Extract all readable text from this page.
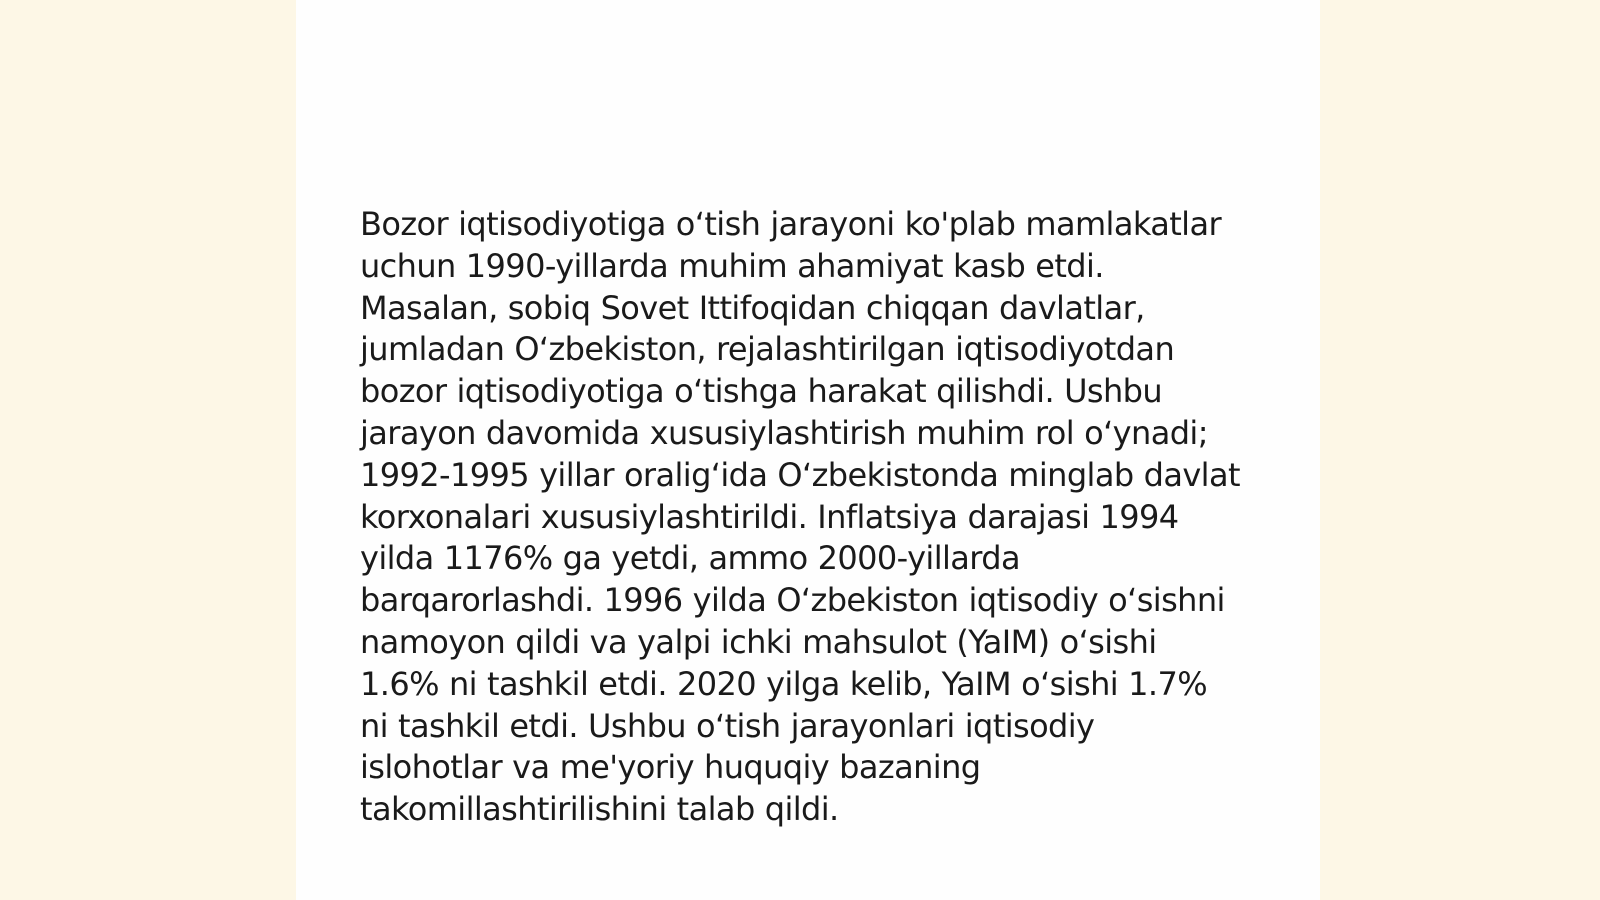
Bozor iqtisodiyotiga o‘tish jarayoni ko'plab mamlakatlar uchun 1990-yillarda muhim ahamiyat kasb etdi. Masalan, sobiq Sovet Ittifoqidan chiqqan davlatlar, jumladan O‘zbekiston, rejalashtirilgan iqtisodiyotdan bozor iqtisodiyotiga o‘tishga harakat qilishdi. Ushbu jarayon davomida xususiylashtirish muhim rol o‘ynadi; 1992-1995 yillar oralig‘ida O‘zbekistonda minglab davlat korxonalari xususiylashtirildi. Inflatsiya darajasi 1994 yilda 1176% ga yetdi, ammo 2000-yillarda barqarorlashdi. 1996 yilda O‘zbekiston iqtisodiy o‘sishni namoyon qildi va yalpi ichki mahsulot (YaIM) o‘sishi 1.6% ni tashkil etdi. 2020 yilga kelib, YaIM o‘sishi 1.7% ni tashkil etdi. Ushbu o‘tish jarayonlari iqtisodiy islohotlar va me'yoriy huquqiy bazaning takomillashtirilishini talab qildi.
